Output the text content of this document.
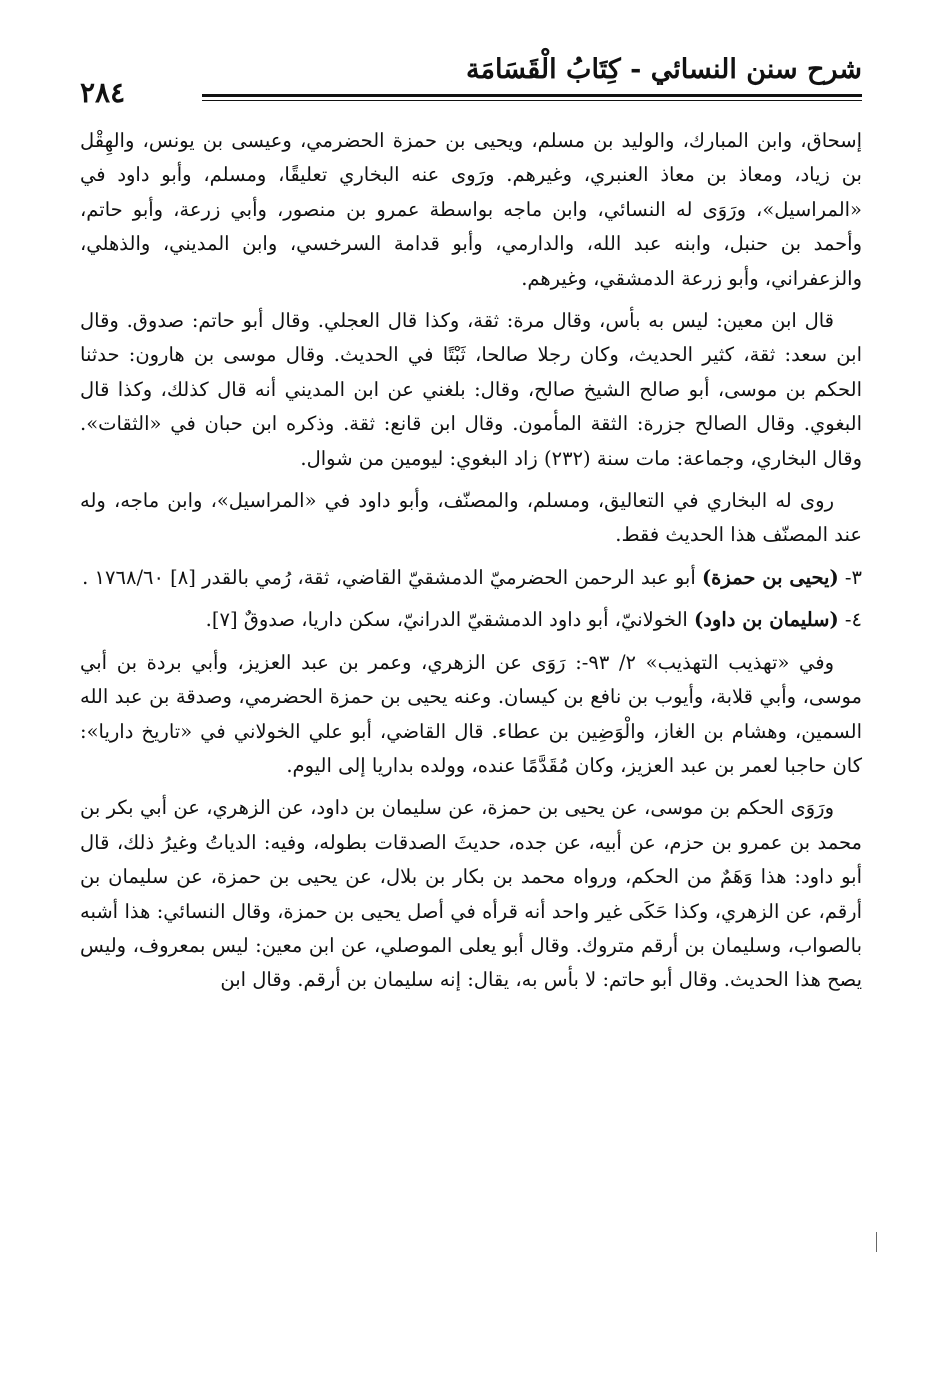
شرح سنن النسائي - كِتَابُ الْقَسَامَة
٢٨٤

إسحاق، وابن المبارك، والوليد بن مسلم، ويحيى بن حمزة الحضرمي، وعيسى بن يونس، والهِقْل بن زياد، ومعاذ بن معاذ العنبري، وغيرهم. ورَوى عنه البخاري تعليقًا، ومسلم، وأبو داود في «المراسيل»، ورَوَى له النسائي، وابن ماجه بواسطة عمرو بن منصور، وأبي زرعة، وأبو حاتم، وأحمد بن حنبل، وابنه عبد الله، والدارمي، وأبو قدامة السرخسي، وابن المديني، والذهلي، والزعفراني، وأبو زرعة الدمشقي، وغيرهم.

قال ابن معين: ليس به بأس، وقال مرة: ثقة، وكذا قال العجلي. وقال أبو حاتم: صدوق. وقال ابن سعد: ثقة، كثير الحديث، وكان رجلا صالحا، ثَبْتًا في الحديث. وقال موسى بن هارون: حدثنا الحكم بن موسى، أبو صالح الشيخ صالح، وقال: بلغني عن ابن المديني أنه قال كذلك، وكذا قال البغوي. وقال الصالح جزرة: الثقة المأمون. وقال ابن قانع: ثقة. وذكره ابن حبان في «الثقات». وقال البخاري، وجماعة: مات سنة (٢٣٢) زاد البغوي: ليومين من شوال.

روى له البخاري في التعاليق، ومسلم، والمصنّف، وأبو داود في «المراسيل»، وابن ماجه، وله عند المصنّف هذا الحديث فقط.

٣- (يحيى بن حمزة) أبو عبد الرحمن الحضرميّ الدمشقيّ القاضي، ثقة، رُمي بالقدر [٨] ١٧٦٨/٦٠ .

٤- (سليمان بن داود) الخولانيّ، أبو داود الدمشقيّ الدرانيّ، سكن داريا، صدوقٌ [٧].

وفي «تهذيب التهذيب» ٢/ ٩٣-: رَوَى عن الزهري، وعمر بن عبد العزيز، وأبي بردة بن أبي موسى، وأبي قلابة، وأيوب بن نافع بن كيسان. وعنه يحيى بن حمزة الحضرمي، وصدقة بن عبد الله السمين، وهشام بن الغاز، والْوَضِين بن عطاء. قال القاضي، أبو علي الخولاني في «تاريخ داريا»: كان حاجبا لعمر بن عبد العزيز، وكان مُقَدَّمًا عنده، وولده بداريا إلى اليوم.

ورَوَى الحكم بن موسى، عن يحيى بن حمزة، عن سليمان بن داود، عن الزهري، عن أبي بكر بن محمد بن عمرو بن حزم، عن أبيه، عن جده، حديثَ الصدقات بطوله، وفيه: الدياتُ وغيرُ ذلك، قال أبو داود: هذا وَهَمٌ من الحكم، ورواه محمد بن بكار بن بلال، عن يحيى بن حمزة، عن سليمان بن أرقم، عن الزهري، وكذا حَكَى غير واحد أنه قرأه في أصل يحيى بن حمزة، وقال النسائي: هذا أشبه بالصواب، وسليمان بن أرقم متروك. وقال أبو يعلى الموصلي، عن ابن معين: ليس بمعروف، وليس يصح هذا الحديث. وقال أبو حاتم: لا بأس به، يقال: إنه سليمان بن أرقم. وقال ابن
